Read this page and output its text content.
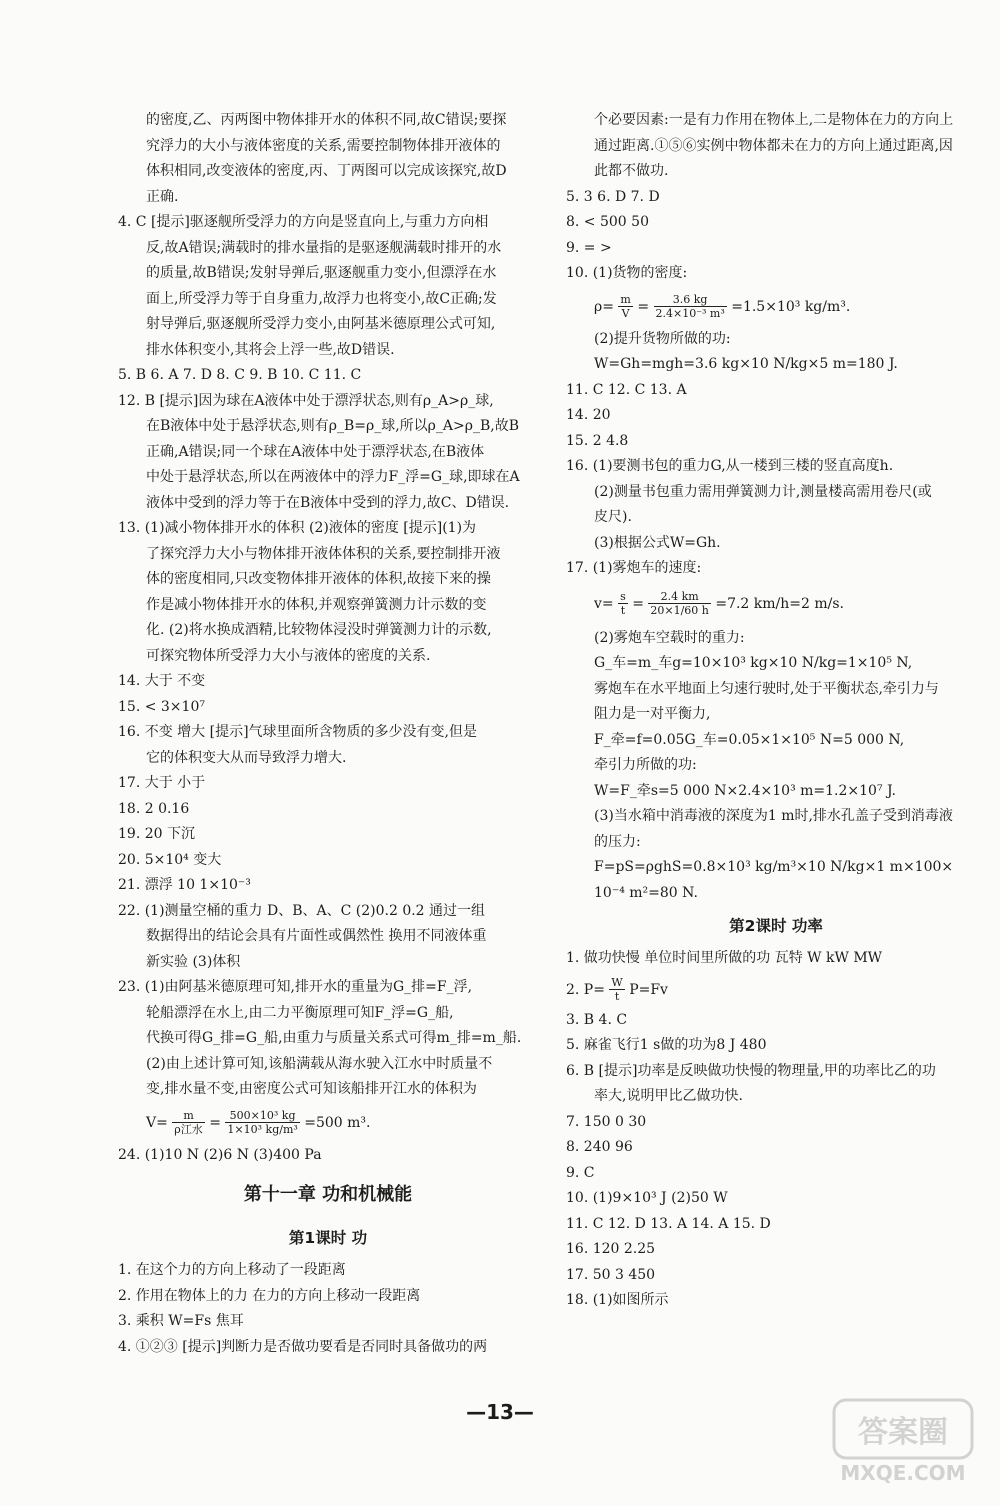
的密度,乙、丙两图中物体排开水的体积不同,故C错误;要探
究浮力的大小与液体密度的关系,需要控制物体排开液体的
体积相同,改变液体的密度,丙、丁两图可以完成该探究,故D
正确.
4. C [提示]驱逐舰所受浮力的方向是竖直向上,与重力方向相
反,故A错误;满载时的排水量指的是驱逐舰满载时排开的水
的质量,故B错误;发射导弹后,驱逐舰重力变小,但漂浮在水
面上,所受浮力等于自身重力,故浮力也将变小,故C正确;发
射导弹后,驱逐舰所受浮力变小,由阿基米德原理公式可知,
排水体积变小,其将会上浮一些,故D错误.
5. B 6. A 7. D 8. C 9. B 10. C 11. C
12. B [提示]因为球在A液体中处于漂浮状态,则有ρ_A>ρ_球,
在B液体中处于悬浮状态,则有ρ_B=ρ_球,所以ρ_A>ρ_B,故B
正确,A错误;同一个球在A液体中处于漂浮状态,在B液体
中处于悬浮状态,所以在两液体中的浮力F_浮=G_球,即球在A
液体中受到的浮力等于在B液体中受到的浮力,故C、D错误.
13. (1)减小物体排开水的体积 (2)液体的密度 [提示](1)为
了探究浮力大小与物体排开液体体积的关系,要控制排开液
体的密度相同,只改变物体排开液体的体积,故接下来的操
作是减小物体排开水的体积,并观察弹簧测力计示数的变
化. (2)将水换成酒精,比较物体浸没时弹簧测力计的示数,
可探究物体所受浮力大小与液体的密度的关系.
14. 大于 不变
15. < 3×10⁷
16. 不变 增大 [提示]气球里面所含物质的多少没有变,但是
它的体积变大从而导致浮力增大.
17. 大于 小于
18. 2 0.16
19. 20 下沉
20. 5×10⁴ 变大
21. 漂浮 10 1×10⁻³
22. (1)测量空桶的重力 D、B、A、C (2)0.2 0.2 通过一组
数据得出的结论会具有片面性或偶然性 换用不同液体重
新实验 (3)体积
23. (1)由阿基米德原理可知,排开水的重量为G_排=F_浮,
轮船漂浮在水上,由二力平衡原理可知F_浮=G_船,
代换可得G_排=G_船,由重力与质量关系式可得m_排=m_船.
(2)由上述计算可知,该船满载从海水驶入江水中时质量不
变,排水量不变,由密度公式可知该船排开江水的体积为
$V= \frac{m}{\text{ρ江水}} = \frac{\text{500×10³ kg}}{\text{1×10³ kg/m³}} =500$ m³.
24. (1)10 N (2)6 N (3)400 Pa
第十一章 功和机械能
第1课时 功
1. 在这个力的方向上移动了一段距离
2. 作用在物体上的力 在力的方向上移动一段距离
3. 乘积 W=Fs 焦耳
4. ①②③ [提示]判断力是否做功要看是否同时具备做功的两
个必要因素:一是有力作用在物体上,二是物体在力的方向上
通过距离.①⑤⑥实例中物体都未在力的方向上通过距离,因
此都不做功.
5. 3 6. D 7. D
8. < 500 50
9. = >
10. (1)货物的密度:
$\rho= \frac{m}{V} = \frac{3.6 kg}{\text{2.4×10⁻³ m³}} =1.5\times 10^3$ kg/m³.
(2)提升货物所做的功:
W=Gh=mgh=3.6 kg×10 N/kg×5 m=180 J.
11. C 12. C 13. A
14. 20
15. 2 4.8
16. (1)要测书包的重力G,从一楼到三楼的竖直高度h.
(2)测量书包重力需用弹簧测力计,测量楼高需用卷尺(或
皮尺).
(3)根据公式W=Gh.
17. (1)雾炮车的速度:
$v= \frac{s}{t} = \frac{2.4 km}{20\times 1/60 h} =7.2$ km/h=2 m/s.
(2)雾炮车空载时的重力:
G_车=m_车g=10×10³ kg×10 N/kg=1×10⁵ N,
雾炮车在水平地面上匀速行驶时,处于平衡状态,牵引力与
阻力是一对平衡力,
F_牵=f=0.05G_车=0.05×1×10⁵ N=5 000 N,
牵引力所做的功:
W=F_牵s=5 000 N×2.4×10³ m=1.2×10⁷ J.
(3)当水箱中消毒液的深度为1 m时,排水孔盖子受到消毒液
的压力:
F=pS=ρghS=0.8×10³ kg/m³×10 N/kg×1 m×100×
10⁻⁴ m²=80 N.
第2课时 功率
1. 做功快慢 单位时间里所做的功 瓦特 W kW MW
2. $P= \frac{W}{t} P=Fv$
3. B 4. C
5. 麻雀飞行1 s做的功为8 J 480
6. B [提示]功率是反映做功快慢的物理量,甲的功率比乙的功
率大,说明甲比乙做功快.
7. 150 0 30
8. 240 96
9. C
10. (1)9×10³ J (2)50 W
11. C 12. D 13. A 14. A 15. D
16. 120 2.25
17. 50 3 450
18. (1)如图所示
—13—
答案圈
MXQE.COM
